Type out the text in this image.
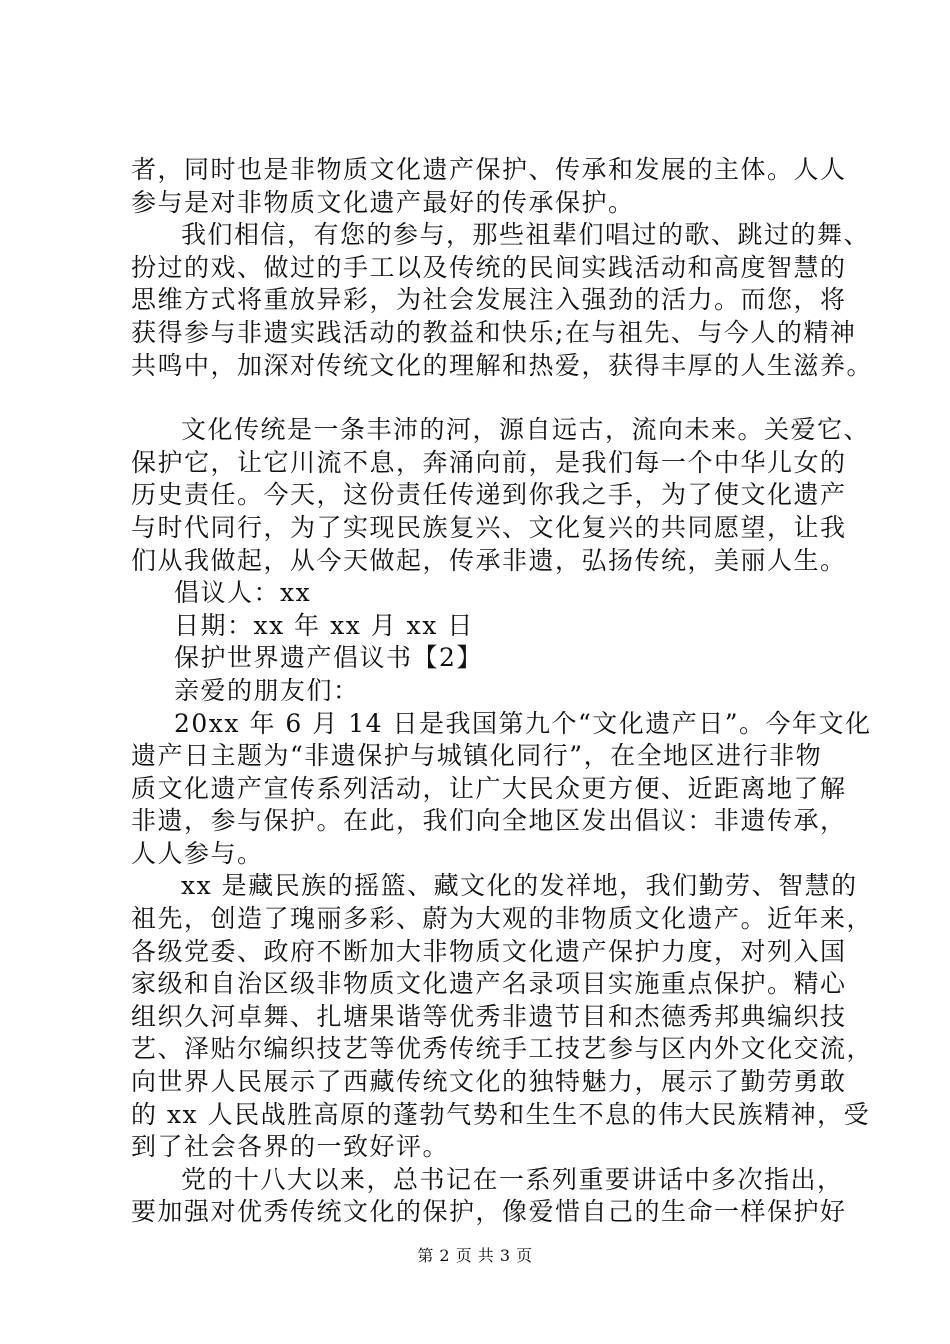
者，同时也是非物质文化遗产保护、传承和发展的主体。人人
参与是对非物质文化遗产最好的传承保护。
我们相信，有您的参与，那些祖辈们唱过的歌、跳过的舞、
扮过的戏、做过的手工以及传统的民间实践活动和高度智慧的
思维方式将重放异彩，为社会发展注入强劲的活力。而您，将
获得参与非遗实践活动的教益和快乐;在与祖先、与今人的精神
共鸣中，加深对传统文化的理解和热爱，获得丰厚的人生滋养。
文化传统是一条丰沛的河，源自远古，流向未来。关爱它、
保护它，让它川流不息，奔涌向前，是我们每一个中华儿女的
历史责任。今天，这份责任传递到你我之手，为了使文化遗产
与时代同行，为了实现民族复兴、文化复兴的共同愿望，让我
们从我做起，从今天做起，传承非遗，弘扬传统，美丽人生。
倡议人：xx
日期：xx 年 xx 月 xx 日
保护世界遗产倡议书【2】
亲爱的朋友们：
20xx 年 6 月 14 日是我国第九个“文化遗产日”。今年文化
遗产日主题为“非遗保护与城镇化同行”，在全地区进行非物
质文化遗产宣传系列活动，让广大民众更方便、近距离地了解
非遗，参与保护。在此，我们向全地区发出倡议：非遗传承，
人人参与。
xx 是藏民族的摇篮、藏文化的发祥地，我们勤劳、智慧的
祖先，创造了瑰丽多彩、蔚为大观的非物质文化遗产。近年来，
各级党委、政府不断加大非物质文化遗产保护力度，对列入国
家级和自治区级非物质文化遗产名录项目实施重点保护。精心
组织久河卓舞、扎塘果谐等优秀非遗节目和杰德秀邦典编织技
艺、泽贴尔编织技艺等优秀传统手工技艺参与区内外文化交流，
向世界人民展示了西藏传统文化的独特魅力，展示了勤劳勇敢
的 xx 人民战胜高原的蓬勃气势和生生不息的伟大民族精神，受
到了社会各界的一致好评。
党的十八大以来，总书记在一系列重要讲话中多次指出，
要加强对优秀传统文化的保护，像爱惜自己的生命一样保护好
第 2 页 共 3 页
